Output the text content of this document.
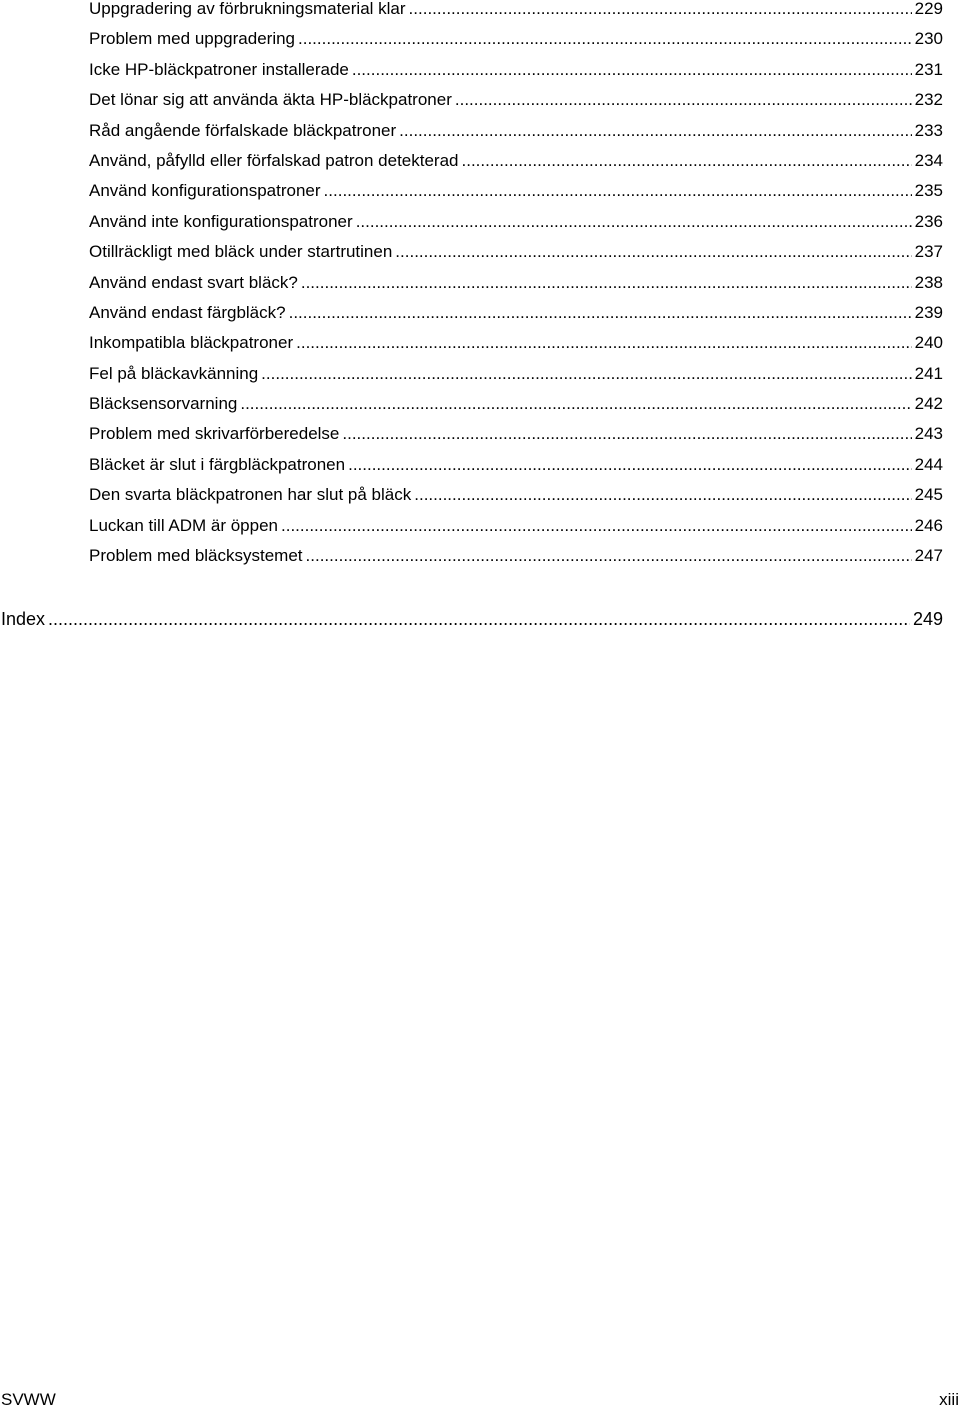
Uppgradering av förbrukningsmaterial klar .....	229
Problem med uppgradering .....	230
Icke HP-bläckpatroner installerade .....	231
Det lönar sig att använda äkta HP-bläckpatroner .....	232
Råd angående förfalskade bläckpatroner .....	233
Använd, påfylld eller förfalskad patron detekterad .....	234
Använd konfigurationspatroner .....	235
Använd inte konfigurationspatroner .....	236
Otillräckligt med bläck under startrutinen .....	237
Använd endast svart bläck? .....	238
Använd endast färgbläck? .....	239
Inkompatibla bläckpatroner .....	240
Fel på bläckavkänning .....	241
Bläcksensorvarning .....	242
Problem med skrivarförberedelse .....	243
Bläcket är slut i färgbläckpatronen .....	244
Den svarta bläckpatronen har slut på bläck .....	245
Luckan till ADM är öppen .....	246
Problem med bläcksystemet .....	247
Index .....	249
SVWW	xiii
